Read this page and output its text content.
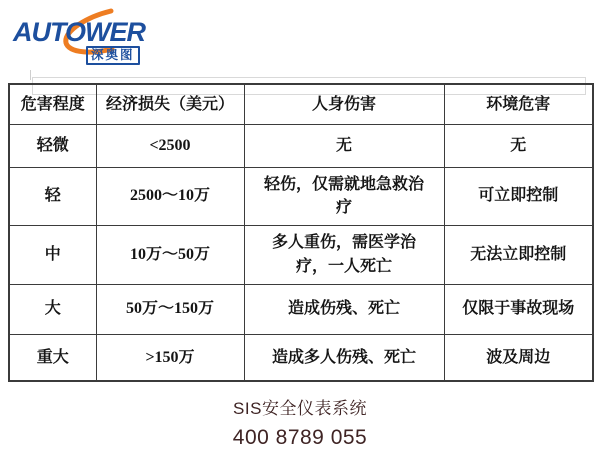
AUTOWER
深奥图
危害程度	经济损失（美元）	人身伤害	环境危害
轻微	<2500	无	无
轻	2500～10万	轻伤，仅需就地急救治疗	可立即控制
中	10万～50万	多人重伤，需医学治疗，一人死亡	无法立即控制
大	50万～150万	造成伤残、死亡	仅限于事故现场
重大	>150万	造成多人伤残、死亡	波及周边
SIS安全仪表系统
400 8789 055
